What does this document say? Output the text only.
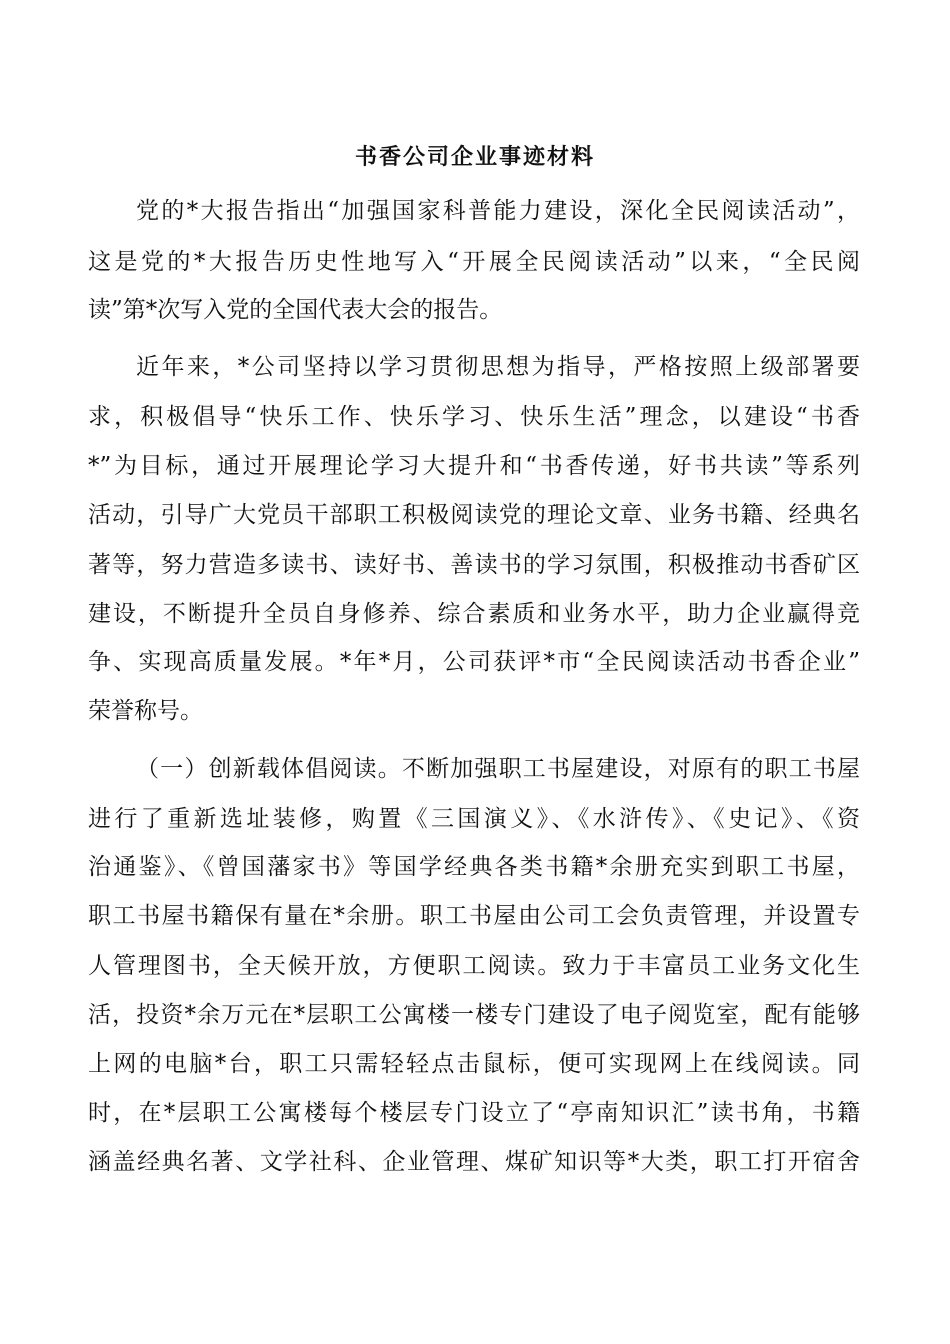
书香公司企业事迹材料
党的*大报告指出“加强国家科普能力建设，深化全民阅读活动”，
这是党的*大报告历史性地写入“开展全民阅读活动”以来，“全民阅
读”第*次写入党的全国代表大会的报告。
近年来，*公司坚持以学习贯彻思想为指导，严格按照上级部署要
求，积极倡导“快乐工作、快乐学习、快乐生活”理念，以建设“书香
*”为目标，通过开展理论学习大提升和“书香传递，好书共读”等系列
活动，引导广大党员干部职工积极阅读党的理论文章、业务书籍、经典名
著等，努力营造多读书、读好书、善读书的学习氛围，积极推动书香矿区
建设，不断提升全员自身修养、综合素质和业务水平，助力企业赢得竞
争、实现高质量发展。*年*月，公司获评*市“全民阅读活动书香企业”
荣誉称号。
（一）创新载体倡阅读。不断加强职工书屋建设，对原有的职工书屋
进行了重新选址装修，购置《三国演义》、《水浒传》、《史记》、《资
治通鉴》、《曾国藩家书》等国学经典各类书籍*余册充实到职工书屋，
职工书屋书籍保有量在*余册。职工书屋由公司工会负责管理，并设置专
人管理图书，全天候开放，方便职工阅读。致力于丰富员工业务文化生
活，投资*余万元在*层职工公寓楼一楼专门建设了电子阅览室，配有能够
上网的电脑*台，职工只需轻轻点击鼠标，便可实现网上在线阅读。同
时，在*层职工公寓楼每个楼层专门设立了“亭南知识汇”读书角，书籍
涵盖经典名著、文学社科、企业管理、煤矿知识等*大类，职工打开宿舍
